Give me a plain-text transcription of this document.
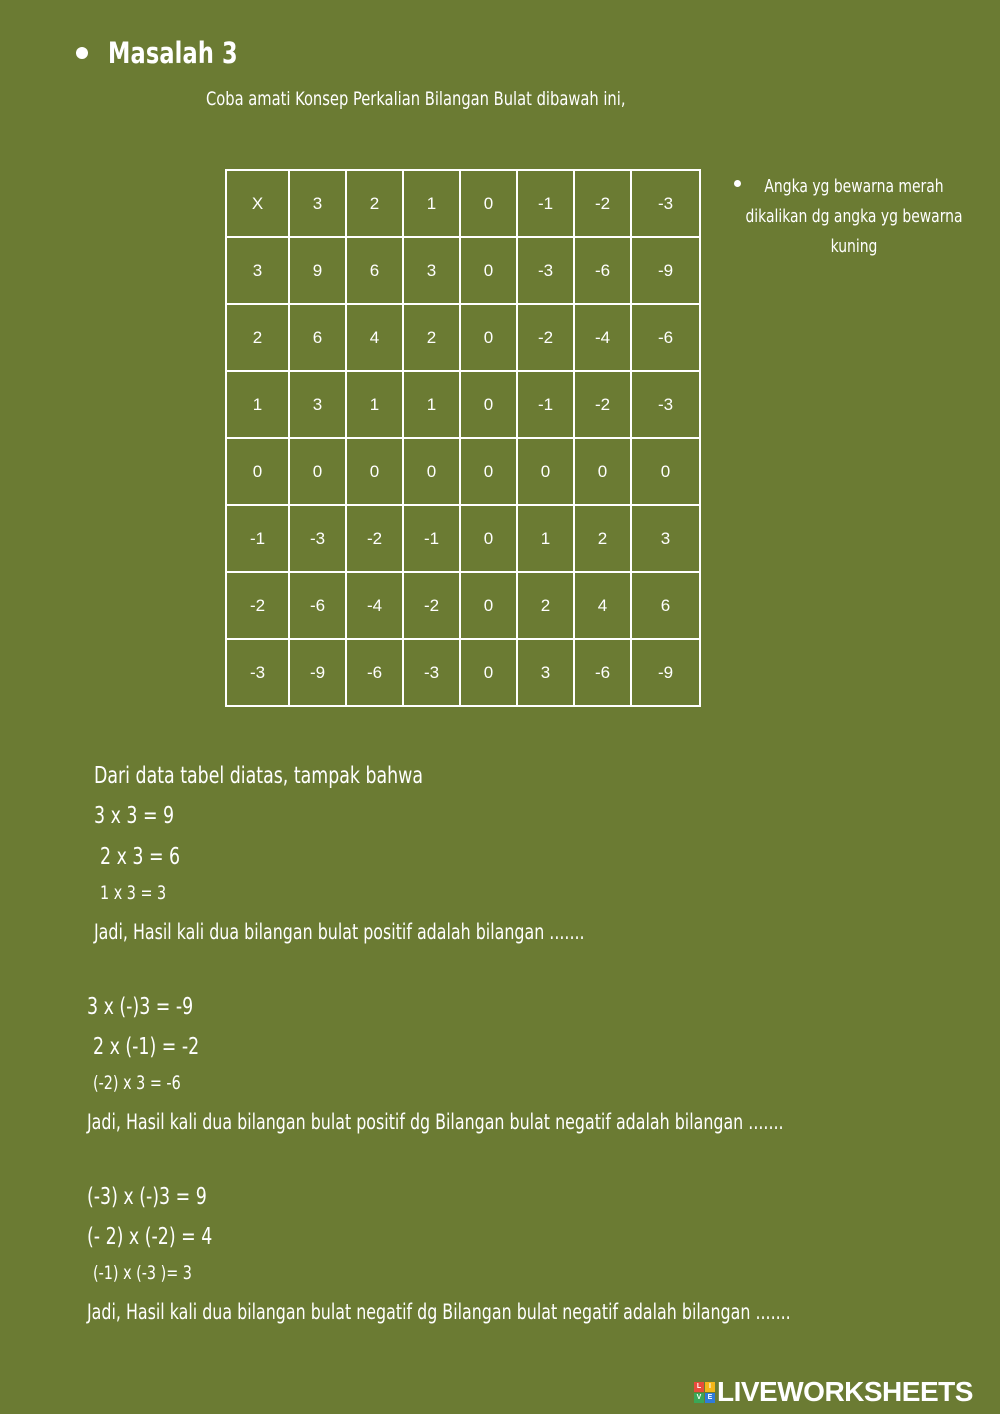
Masalah 3
Coba amati Konsep Perkalian Bilangan Bulat dibawah ini,
X	3	2	1	0	-1	-2	-3
3	9	6	3	0	-3	-6	-9
2	6	4	2	0	-2	-4	-6
1	3	1	1	0	-1	-2	-3
0	0	0	0	0	0	0	0
-1	-3	-2	-1	0	1	2	3
-2	-6	-4	-2	0	2	4	6
-3	-9	-6	-3	0	3	-6	-9
Angka yg bewarna merah dikalikan dg angka yg bewarna kuning
Dari data tabel diatas, tampak bahwa
3 x 3 = 9
2 x 3 = 6
1 x 3 = 3
Jadi, Hasil kali dua bilangan bulat positif adalah bilangan .......
3 x (-)3 = -9
2 x (-1) = -2
(-2) x 3 = -6
Jadi, Hasil kali dua bilangan bulat positif dg Bilangan bulat negatif adalah bilangan .......
(-3) x (-)3 = 9
(- 2) x (-2) = 4
(-1) x (-3 )= 3
Jadi, Hasil kali dua bilangan bulat negatif dg Bilangan bulat negatif adalah bilangan .......
L	I
V E LIVEWORKSHEETS
